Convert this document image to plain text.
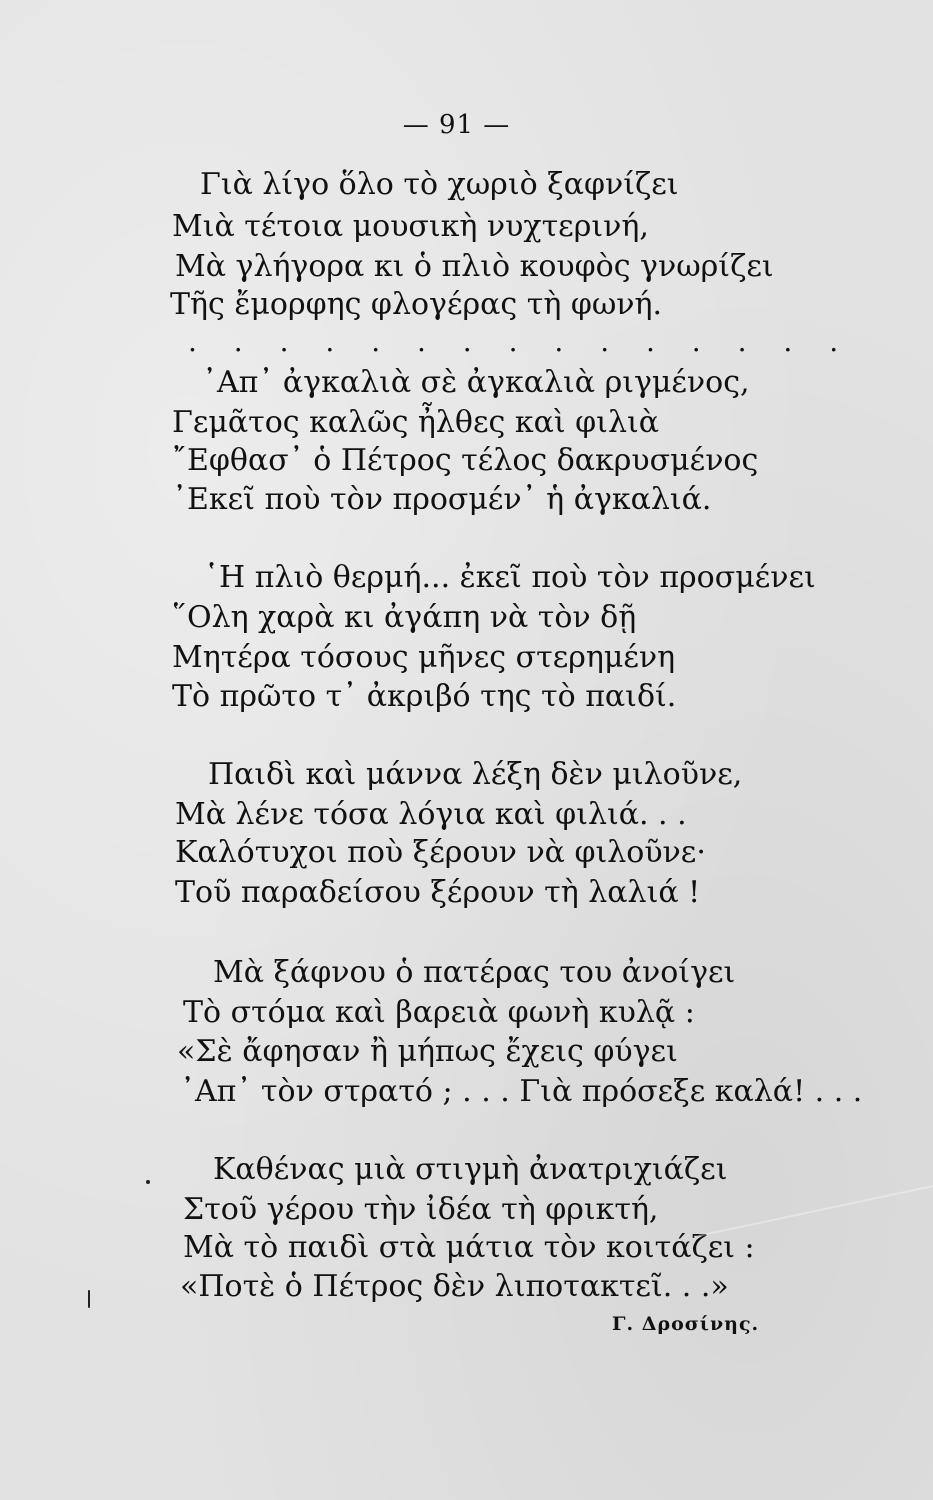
— 91 —
Γιὰ λίγο ὅλο τὸ χωριὸ ξαφνίζει
Μιὰ τέτοια μουσικὴ νυχτερινή,
Μὰ γλήγορα κι ὁ πλιὸ κουφὸς γνωρίζει
Τῆς ἔμορφης φλογέρας τὴ φωνή.
. . . . . . . . . . . . . . .
᾽Απ᾽ ἀγκαλιὰ σὲ ἀγκαλιὰ ριγμένος,
Γεμᾶτος καλῶς ἦλθες καὶ φιλιὰ
῎Εφθασ᾽ ὁ Πέτρος τέλος δακρυσμένος
᾽Εκεῖ ποὺ τὸν προσμέν᾽ ἡ ἀγκαλιά.
῾Η πλιὸ θερμή... ἐκεῖ ποὺ τὸν προσμένει
῞Ολη χαρὰ κι ἀγάπη νὰ τὸν δῇ
Μητέρα τόσους μῆνες στερημένη
Τὸ πρῶτο τ᾽ ἀκριβό της τὸ παιδί.
Παιδὶ καὶ μάννα λέξη δὲν μιλοῦνε,
Μὰ λένε τόσα λόγια καὶ φιλιά. . .
Καλότυχοι ποὺ ξέρουν νὰ φιλοῦνε·
Τοῦ παραδείσου ξέρουν τὴ λαλιά !
Μὰ ξάφνου ὁ πατέρας του ἀνοίγει
Τὸ στόμα καὶ βαρειὰ φωνὴ κυλᾷ :
«Σὲ ἄφησαν ἢ μήπως ἔχεις φύγει
᾽Απ᾽ τὸν στρατό ; . . . Γιὰ πρόσεξε καλά! . . .
Καθένας μιὰ στιγμὴ ἀνατριχιάζει
Στοῦ γέρου τὴν ἰδέα τὴ φρικτή,
Μὰ τὸ παιδὶ στὰ μάτια τὸν κοιτάζει :
«Ποτὲ ὁ Πέτρος δὲν λιποτακτεῖ. . .»
Γ. Δροσίνης.
